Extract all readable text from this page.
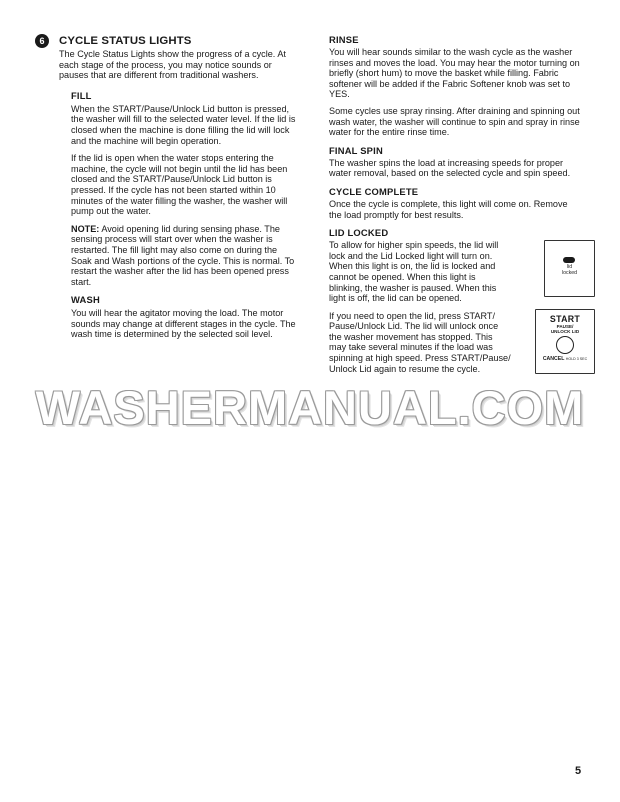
6	CYCLE STATUS LIGHTS

The Cycle Status Lights show the progress of a cycle. At each stage of the process, you may notice sounds or pauses that are different from traditional washers.

FILL

When the START/Pause/Unlock Lid button is pressed, the washer will fill to the selected water level. If the lid is closed when the machine is done filling the lid will lock and the machine will begin operation.

If the lid is open when the water stops entering the machine, the cycle will not begin until the lid has been closed and the START/Pause/Unlock Lid button is pressed. If the cycle has not been started within 10 minutes of the water filling the washer, the washer will pump out the water.

NOTE: Avoid opening lid during sensing phase. The sensing process will start over when the washer is restarted. The fill light may also come on during the Soak and Wash portions of the cycle. This is normal. To restart the washer after the lid has been opened press start.

WASH

You will hear the agitator moving the load. The motor sounds may change at different stages in the cycle. The wash time is determined by the selected soil level.

RINSE

You will hear sounds similar to the wash cycle as the washer rinses and moves the load. You may hear the motor turning on briefly (short hum) to move the basket while filling. Fabric softener will be added if the Fabric Softener knob was set to YES.

Some cycles use spray rinsing. After draining and spinning out wash water, the washer will continue to spin and spray in rinse water for the entire rinse time.

FINAL SPIN

The washer spins the load at increasing speeds for proper water removal, based on the selected cycle and spin speed.

CYCLE COMPLETE

Once the cycle is complete, this light will come on. Remove the load promptly for best results.

LID LOCKED

To allow for higher spin speeds, the lid will lock and the Lid Locked light will turn on. When this light is on, the lid is locked and cannot be opened. When this light is blinking, the washer is paused. When this light is off, the lid can be opened.

lid
locked

If you need to open the lid, press START/ Pause/Unlock Lid. The lid will unlock once the washer movement has stopped. This may take several minutes if the load was spinning at high speed. Press START/Pause/ Unlock Lid again to resume the cycle.

START
PAUSE/
UNLOCK LID
CANCEL HOLD 3 SEC
WASHERMANUAL.COM
5
